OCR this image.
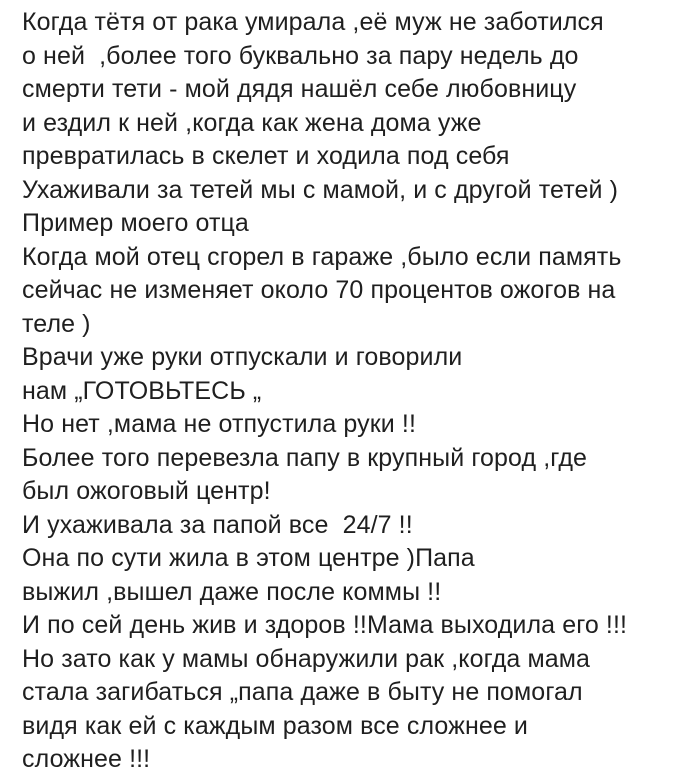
Когда тётя от рака умирала ,её муж не заботился
о ней  ,более того буквально за пару недель до
смерти тети - мой дядя нашёл себе любовницу
и ездил к ней ,когда как жена дома уже
превратилась в скелет и ходила под себя
Ухаживали за тетей мы с мамой, и с другой тетей )
Пример моего отца
Когда мой отец сгорел в гараже ,было если память
сейчас не изменяет около 70 процентов ожогов на
теле )
Врачи уже руки отпускали и говорили
нам „ГОТОВЬТЕСЬ „
Но нет ,мама не отпустила руки !!
Более того перевезла папу в крупный город ,где
был ожоговый центр!
И ухаживала за папой все  24/7 !!
Она по сути жила в этом центре )Папа
выжил ,вышел даже после коммы !!
И по сей день жив и здоров !!Мама выходила его !!!
Но зато как у мамы обнаружили рак ,когда мама
стала загибаться „папа даже в быту не помогал
видя как ей с каждым разом все сложнее и
сложнее !!!
